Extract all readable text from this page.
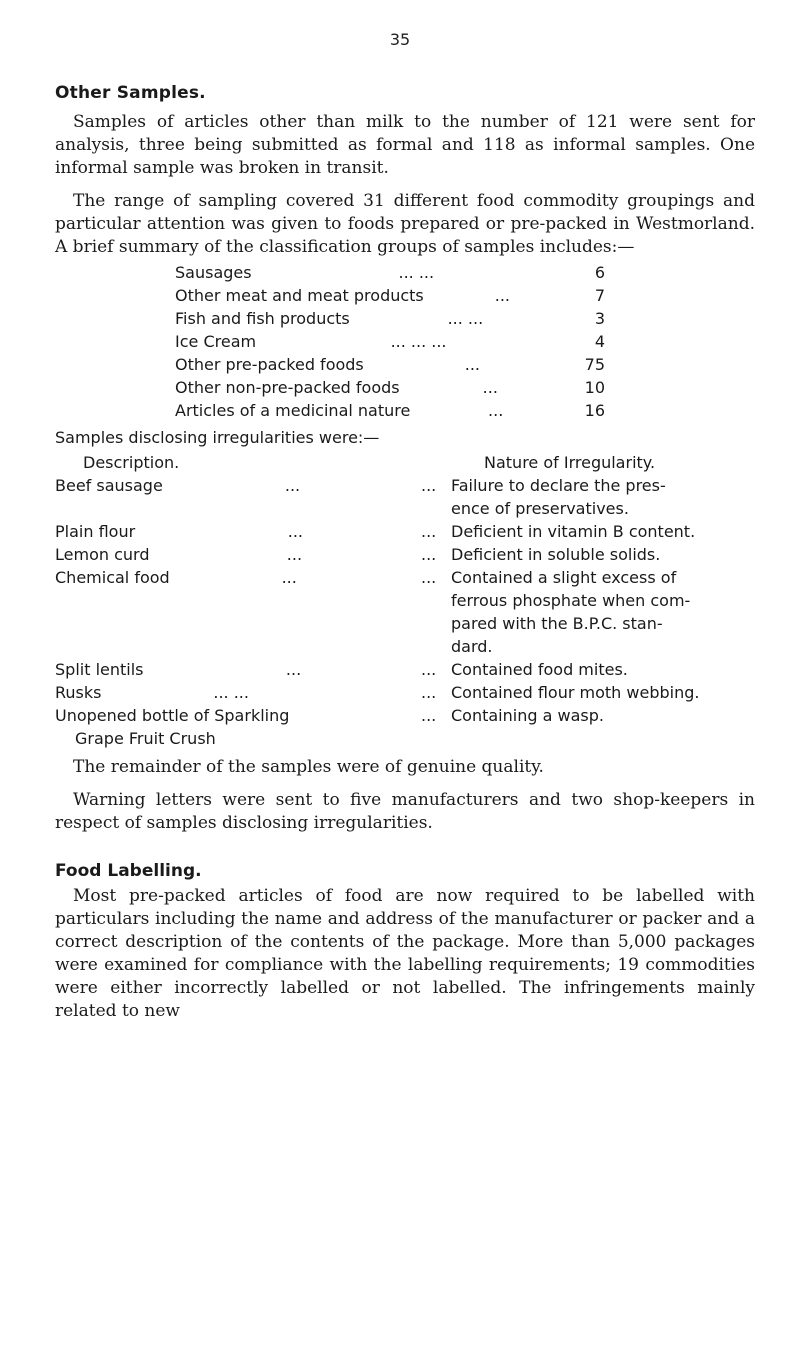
35
Other Samples.

Samples of articles other than milk to the number of 121 were sent for analysis, three being submitted as formal and 118 as informal samples. One informal sample was broken in transit.

The range of sampling covered 31 different food commodity groupings and particular attention was given to foods prepared or pre-packed in Westmorland. A brief summary of the classification groups of samples includes:—

Sausages	... ...	6
Other meat and meat products	...	7
Fish and fish products	... ...	3
Ice Cream	... ... ...	4
Other pre-packed foods	...	75
Other non-pre-packed foods	...	10
Articles of a medicinal nature	...	16
Samples disclosing irregularities were:—
Description.	Nature of Irregularity.
Beef sausage	...	... Failure to declare the pres-
ence of preservatives.
Plain flour	...	... Deficient in vitamin B content.
Lemon curd	...	... Deficient in soluble solids.
Chemical food	...	... Contained a slight excess of
ferrous phosphate when com-
pared with the B.P.C. stan-
dard.
Split lentils	...	... Contained food mites.
Rusks	... ...	... Contained flour moth webbing.
Unopened bottle of Sparkling	... Containing a wasp.
Grape Fruit Crush

The remainder of the samples were of genuine quality.

Warning letters were sent to five manufacturers and two shop-keepers in respect of samples disclosing irregularities.

Food Labelling.

Most pre-packed articles of food are now required to be labelled with particulars including the name and address of the manufacturer or packer and a correct description of the contents of the package. More than 5,000 packages were examined for compliance with the labelling requirements; 19 commodities were either incorrectly labelled or not labelled. The infringements mainly related to new
